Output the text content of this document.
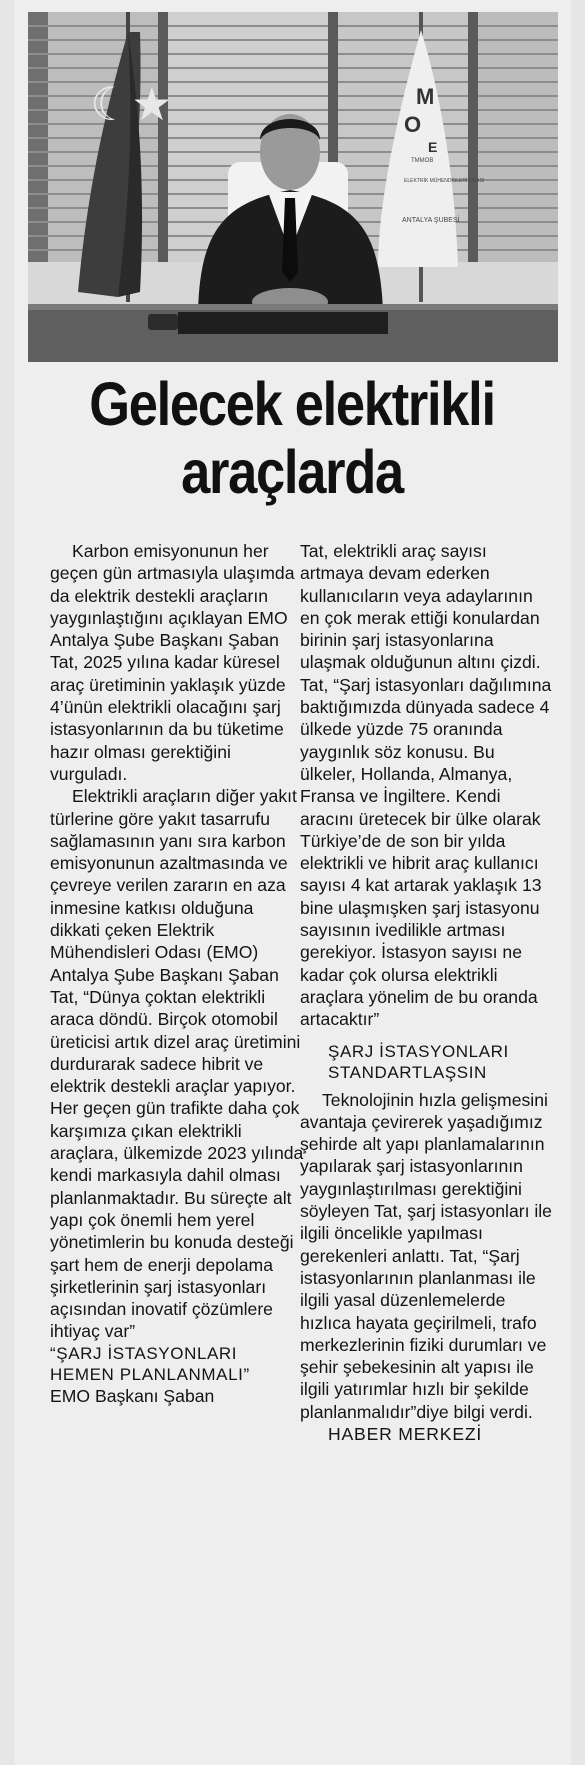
☾★	M
O
E
TMMOB
ELEKTRİK MÜHENDİSLERİ ODASI
ANTALYA ŞUBESİ
Gelecek elektrikli
araçlarda

Karbon emisyonunun her geçen gün artmasıyla ulaşımda da elektrik destekli araçların yaygınlaştığını açıklayan EMO Antalya Şube Başkanı Şaban Tat, 2025 yılına kadar küresel araç üretiminin yaklaşık yüzde 4’ünün elektrikli olacağını şarj istasyonlarının da bu tüketime hazır olması gerektiğini vurguladı.

Elektrikli araçların diğer yakıt türlerine göre yakıt tasarrufu sağlamasının yanı sıra karbon emisyonunun azaltmasında ve çevreye verilen zararın en aza inmesine katkısı olduğuna dikkati çeken Elektrik Mühendisleri Odası (EMO) Antalya Şube Başkanı Şaban Tat, “Dünya çoktan elektrikli araca döndü. Birçok otomobil üreticisi artık dizel araç üretimini durdurarak sadece hibrit ve elektrik destekli araçlar yapıyor. Her geçen gün trafikte daha çok karşımıza çıkan elektrikli araçlara, ülkemizde 2023 yılında kendi markasıyla dahil olması planlanmaktadır. Bu süreçte alt yapı çok önemli hem yerel yönetimlerin bu konuda desteği şart hem de enerji depolama şirketlerinin şarj istasyonları açısından inovatif çözümlere ihtiyaç var”

“ŞARJ İSTASYONLARI HEMEN PLANLANMALI”

EMO Başkanı Şaban

Tat, elektrikli araç sayısı artmaya devam ederken kullanıcıların veya adaylarının en çok merak ettiği konulardan birinin şarj istasyonlarına ulaşmak olduğunun altını çizdi. Tat, “Şarj istasyonları dağılımına baktığımızda dünyada sadece 4 ülkede yüzde 75 oranında yaygınlık söz konusu. Bu ülkeler, Hollanda, Almanya, Fransa ve İngiltere. Kendi aracını üretecek bir ülke olarak Türkiye’de de son bir yılda elektrikli ve hibrit araç kullanıcı sayısı 4 kat artarak yaklaşık 13 bine ulaşmışken şarj istasyonu sayısının ivedilikle artması gerekiyor. İstasyon sayısı ne kadar çok olursa elektrikli araçlara yönelim de bu oranda artacaktır”

ŞARJ İSTASYONLARI STANDARTLAŞSIN

Teknolojinin hızla gelişmesini avantaja çevirerek yaşadığımız şehirde alt yapı planlamalarının yapılarak şarj istasyonlarının yaygınlaştırılması gerektiğini söyleyen Tat, şarj istasyonları ile ilgili öncelikle yapılması gerekenleri anlattı. Tat, “Şarj istasyonlarının planlanması ile ilgili yasal düzenlemelerde hızlıca hayata geçirilmeli, trafo merkezlerinin fiziki durumları ve şehir şebekesinin alt yapısı ile ilgili yatırımlar hızlı bir şekilde planlanmalıdır”diye bilgi verdi.

HABER MERKEZİ
